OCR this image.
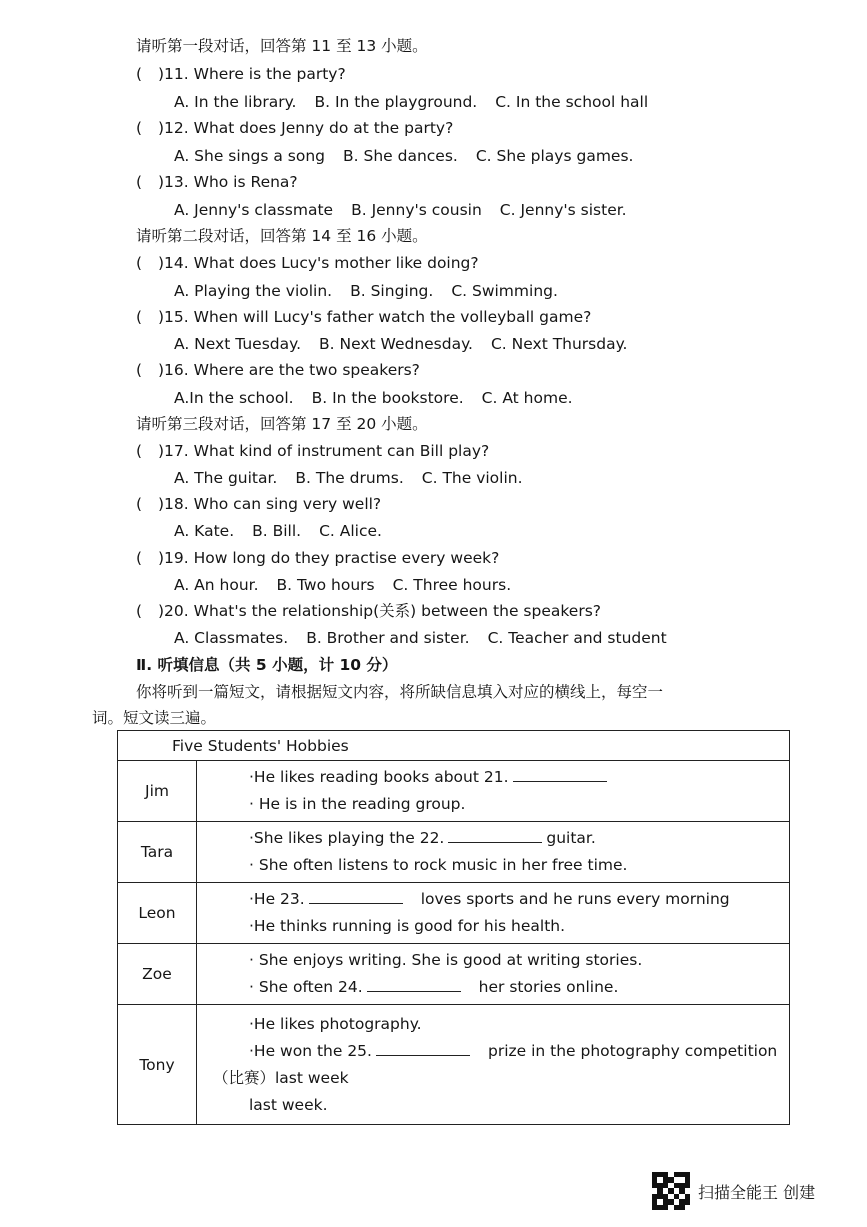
请听第一段对话，回答第 11 至 13 小题。
( )11. Where is the party?
A. In the library. B. In the playground. C. In the school hall
( )12. What does Jenny do at the party?
A. She sings a song B. She dances. C. She plays games.
( )13. Who is Rena?
A. Jenny's classmate B. Jenny's cousin C. Jenny's sister.
请听第二段对话，回答第 14 至 16 小题。
( )14. What does Lucy's mother like doing?
A. Playing the violin. B. Singing. C. Swimming.
( )15. When will Lucy's father watch the volleyball game?
A. Next Tuesday. B. Next Wednesday. C. Next Thursday.
( )16. Where are the two speakers?
A.In the school. B. In the bookstore. C. At home.
请听第三段对话，回答第 17 至 20 小题。
( )17. What kind of instrument can Bill play?
A. The guitar. B. The drums. C. The violin.
( )18. Who can sing very well?
A. Kate. B. Bill. C. Alice.
( )19. How long do they practise every week?
A. An hour. B. Two hours C. Three hours.
( )20. What's the relationship(关系) between the speakers?
A. Classmates. B. Brother and sister. C. Teacher and student
Ⅱ. 听填信息（共 5 小题，计 10 分）
你将听到一篇短文，请根据短文内容，将所缺信息填入对应的横线上，每空一
词。短文读三遍。
Five Students' Hobbies	
Jim	·He likes reading books about 21.
· He is in the reading group.

Tara	·She likes playing the 22. guitar.
· She often listens to rock music in her free time.

Leon	·He 23. loves sports and he runs every morning
·He thinks running is good for his health.

Zoe	· She enjoys writing. She is good at writing stories.
· She often 24. her stories online.

Tony	·He likes photography.
·He won the 25. prize in the photography competition
（比赛）last week
last week.
扫描全能王 创建
